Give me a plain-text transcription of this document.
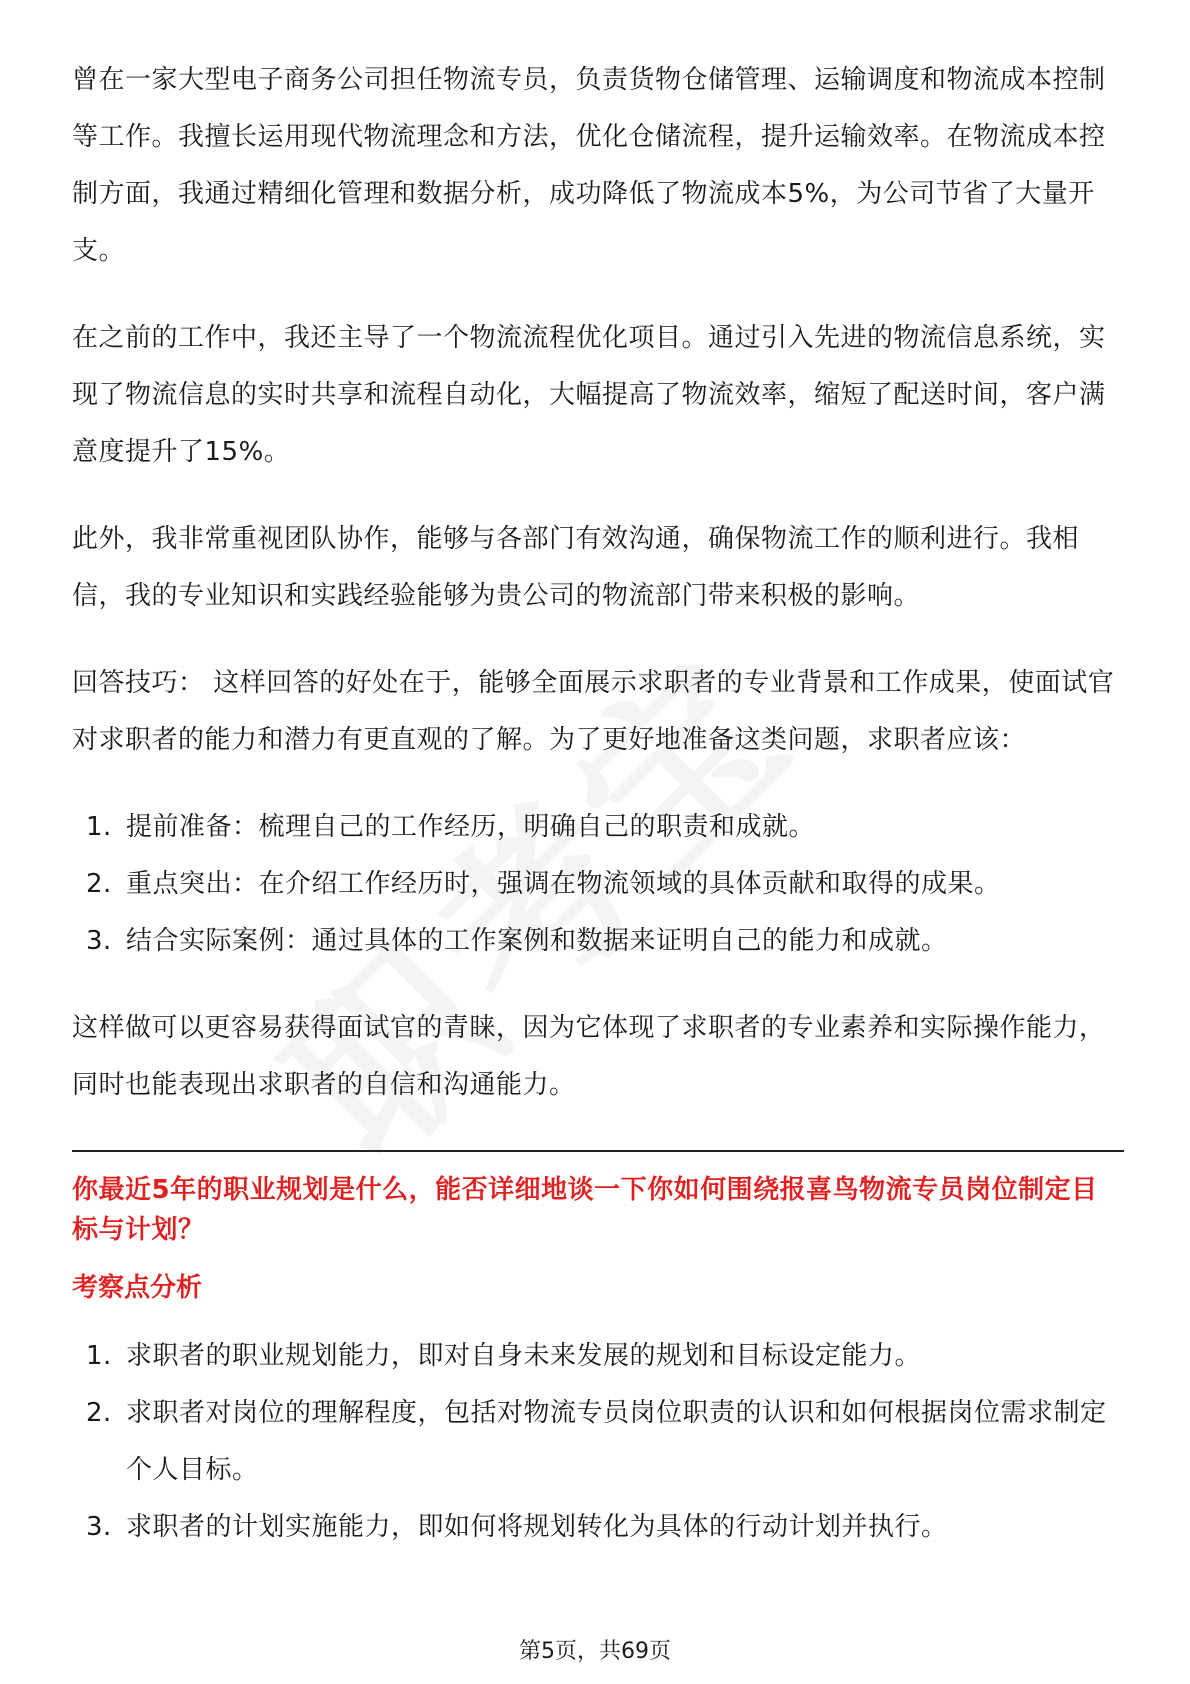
曾在一家大型电子商务公司担任物流专员，负责货物仓储管理、运输调度和物流成本控制等工作。我擅长运用现代物流理念和方法，优化仓储流程，提升运输效率。在物流成本控制方面，我通过精细化管理和数据分析，成功降低了物流成本5%，为公司节省了大量开支。

在之前的工作中，我还主导了一个物流流程优化项目。通过引入先进的物流信息系统，实现了物流信息的实时共享和流程自动化，大幅提高了物流效率，缩短了配送时间，客户满意度提升了15%。

此外，我非常重视团队协作，能够与各部门有效沟通，确保物流工作的顺利进行。我相信，我的专业知识和实践经验能够为贵公司的物流部门带来积极的影响。

回答技巧： 这样回答的好处在于，能够全面展示求职者的专业背景和工作成果，使面试官对求职者的能力和潜力有更直观的了解。为了更好地准备这类问题，求职者应该：

1. 提前准备：梳理自己的工作经历，明确自己的职责和成就。
2. 重点突出：在介绍工作经历时，强调在物流领域的具体贡献和取得的成果。
3. 结合实际案例：通过具体的工作案例和数据来证明自己的能力和成就。

这样做可以更容易获得面试官的青睐，因为它体现了求职者的专业素养和实际操作能力，同时也能表现出求职者的自信和沟通能力。

你最近5年的职业规划是什么，能否详细地谈一下你如何围绕报喜鸟物流专员岗位制定目标与计划？

考察点分析

1. 求职者的职业规划能力，即对自身未来发展的规划和目标设定能力。
2. 求职者对岗位的理解程度，包括对物流专员岗位职责的认识和如何根据岗位需求制定个人目标。
3. 求职者的计划实施能力，即如何将规划转化为具体的行动计划并执行。
第5页，共69页
